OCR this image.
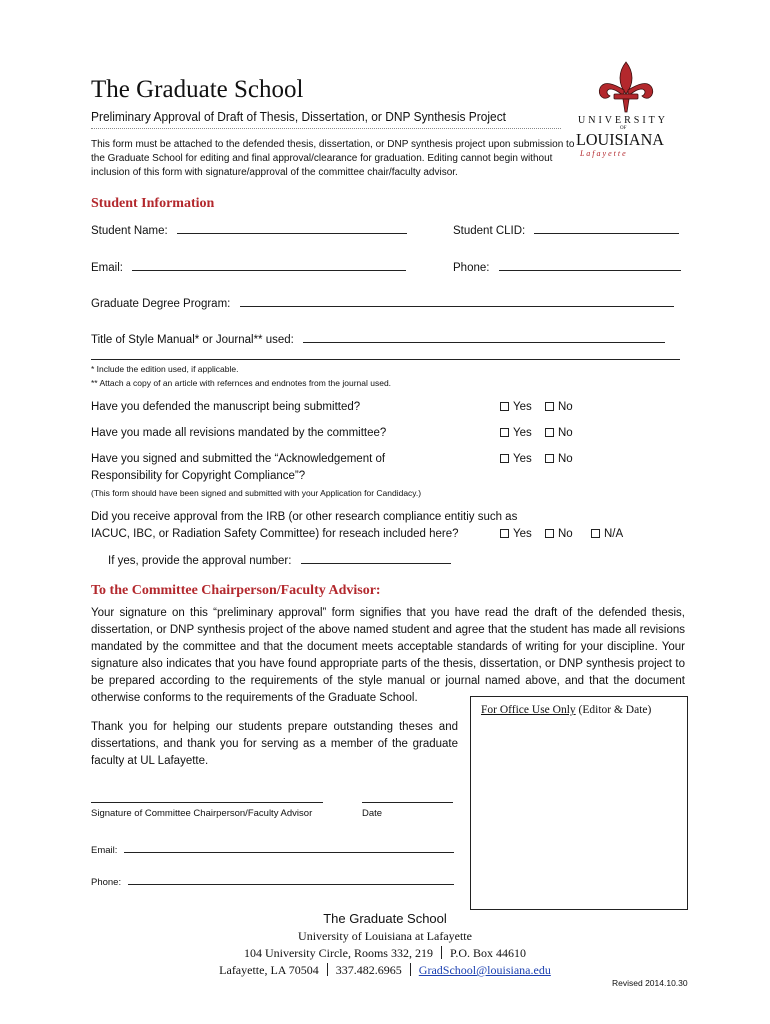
The Graduate School
Preliminary Approval of Draft of Thesis, Dissertation, or DNP Synthesis Project
This form must be attached to the defended thesis, dissertation, or DNP synthesis project upon submission to the Graduate School for editing and final approval/clearance for graduation. Editing cannot begin without inclusion of this form with signature/approval of the committee chair/faculty advisor.
UNIVERSITY
OF
LOUISIANA
L a f a y e t t e
Student Information
Student Name:	Student CLID:
Email:	Phone:
Graduate Degree Program:
Title of Style Manual* or Journal** used:
* Include the edition used, if applicable.
** Attach a copy of an article with refernces and endnotes from the journal used.
Have you defended the manuscript being submitted?	Yes	No
Have you made all revisions mandated by the committee?	Yes	No
Have you signed and submitted the “Acknowledgement of
Responsibility for Copyright Compliance”?
Yes	No
(This form should have been signed and submitted with your Application for Candidacy.)
Did you receive approval from the IRB (or other research compliance entitiy such as
IACUC, IBC, or Radiation Safety Committee) for reseach included here?	Yes	No	N/A
If yes, provide the approval number:
To the Committee Chairperson/Faculty Advisor:
Your signature on this “preliminary approval” form signifies that you have read the draft of the defended thesis,
dissertation, or DNP synthesis project of the above named student and agree that the student has made all revisions
mandated by the committee and that the document meets acceptable standards of writing for your discipline. Your
signature also indicates that you have found appropriate parts of the thesis, dissertation, or DNP synthesis project to
be prepared according to the requirements of the style manual or journal named above, and that the document
otherwise conforms to the requirements of the Graduate School.
Thank you for helping our students prepare outstanding theses and
dissertations, and thank you for serving as a member of the graduate
faculty at UL Lafayette.
For Office Use Only (Editor & Date)
Signature of Committee Chairperson/Faculty Advisor	Date
Email:
Phone:
The Graduate School
University of Louisiana at Lafayette
104 University Circle, Rooms 332, 219 P.O. Box 44610
Lafayette, LA 70504 337.482.6965 GradSchool@louisiana.edu
Revised 2014.10.30
